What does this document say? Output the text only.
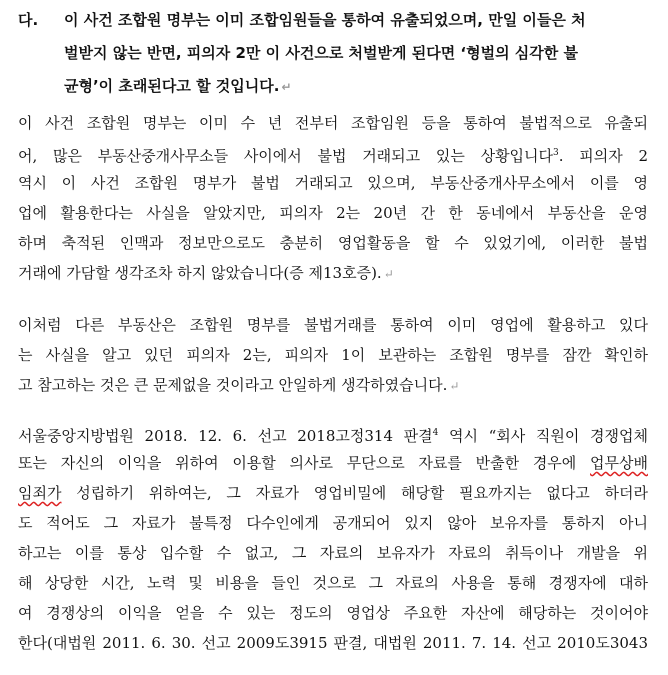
다. 이 사건 조합원 명부는 이미 조합임원들을 통하여 유출되었으며, 만일 이들은 처
벌받지 않는 반면, 피의자 2만 이 사건으로 처벌받게 된다면 ‘형벌의 심각한 불
균형’이 초래된다고 할 것입니다. ↵
이 사건 조합원 명부는 이미 수 년 전부터 조합임원 등을 통하여 불법적으로 유출되
어, 많은 부동산중개사무소들 사이에서 불법 거래되고 있는 상황입니다$^3$. 피의자 2
역시 이 사건 조합원 명부가 불법 거래되고 있으며, 부동산중개사무소에서 이를 영
업에 활용한다는 사실을 알았지만, 피의자 2는 20년 간 한 동네에서 부동산을 운영
하며 축적된 인맥과 정보만으로도 충분히 영업활동을 할 수 있었기에, 이러한 불법
거래에 가담할 생각조차 하지 않았습니다(증 제13호증). ↵
이처럼 다른 부동산은 조합원 명부를 불법거래를 통하여 이미 영업에 활용하고 있다
는 사실을 알고 있던 피의자 2는, 피의자 1이 보관하는 조합원 명부를 잠깐 확인하
고 참고하는 것은 큰 문제없을 것이라고 안일하게 생각하였습니다. ↵
서울중앙지방법원 2018. 12. 6. 선고 2018고정314 판결$^4$ 역시 “회사 직원이 경쟁업체
또는 자신의 이익을 위하여 이용할 의사로 무단으로 자료를 반출한 경우에 업무상배
임죄가 성립하기 위하여는, 그 자료가 영업비밀에 해당할 필요까지는 없다고 하더라
도 적어도 그 자료가 불특정 다수인에게 공개되어 있지 않아 보유자를 통하지 아니
하고는 이를 통상 입수할 수 없고, 그 자료의 보유자가 자료의 취득이나 개발을 위
해 상당한 시간, 노력 및 비용을 들인 것으로 그 자료의 사용을 통해 경쟁자에 대하
여 경쟁상의 이익을 얻을 수 있는 정도의 영업상 주요한 자산에 해당하는 것이어야
한다(대법원 2011. 6. 30. 선고 2009도3915 판결, 대법원 2011. 7. 14. 선고 2010도3043
